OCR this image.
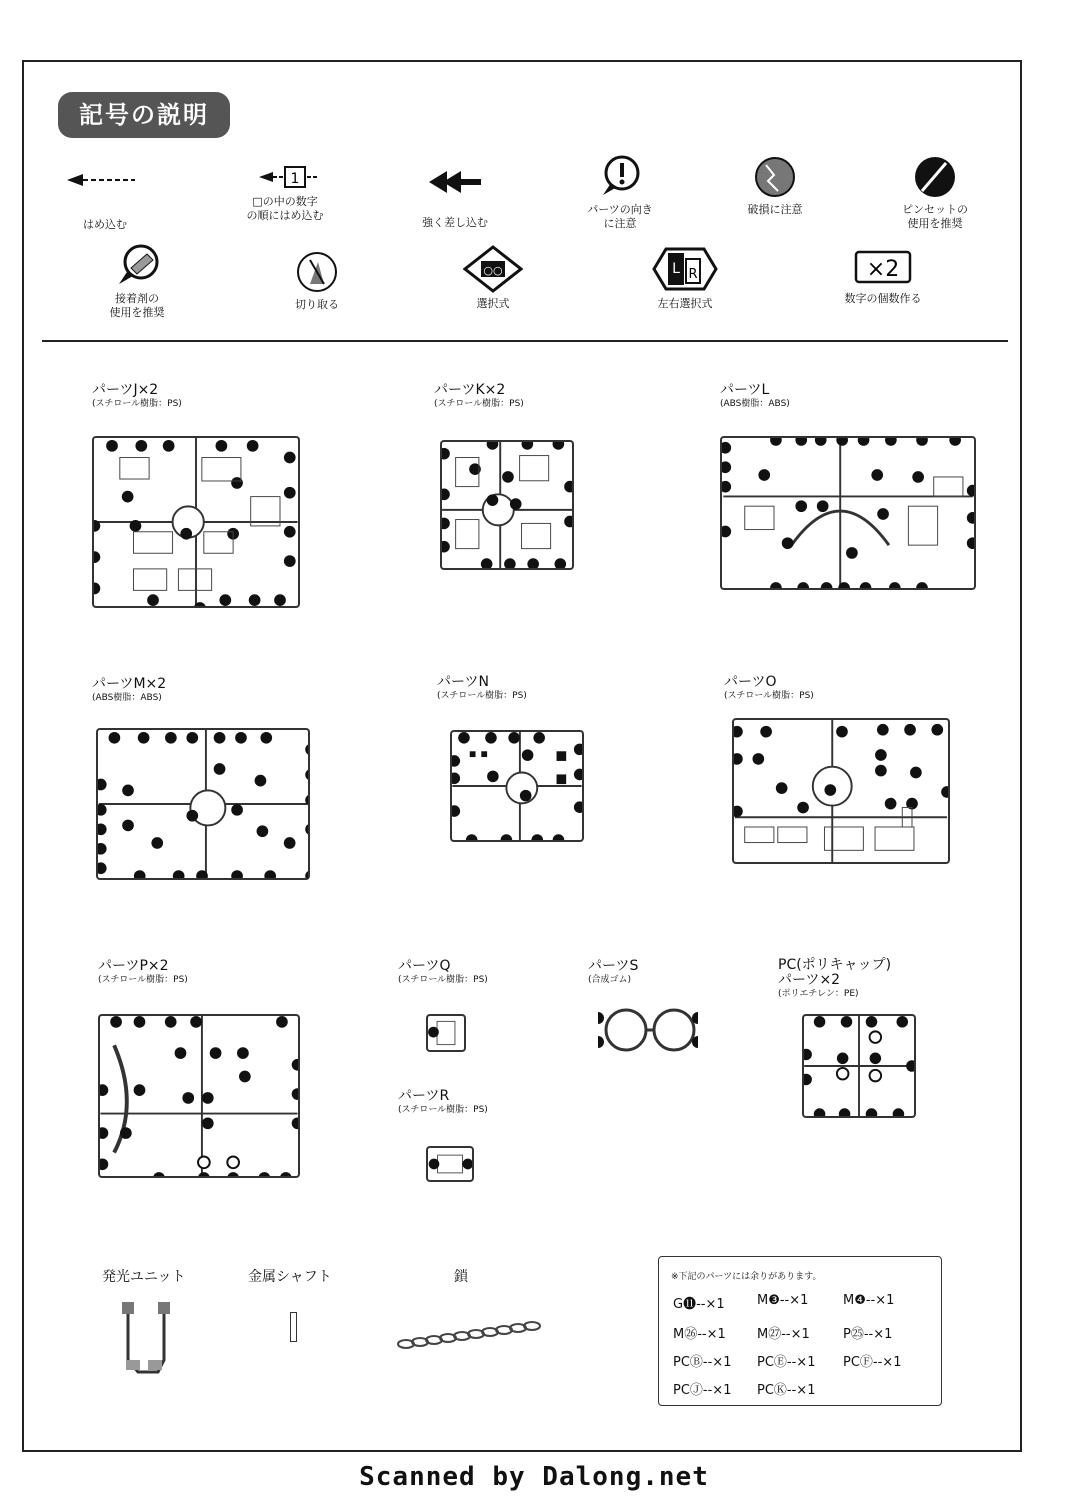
記号の説明
はめ込む
1
□の中の数字
の順にはめ込む
強く差し込む
パーツの向き
に注意
破損に注意	ピンセットの
使用を推奨
接着剤の
使用を推奨
切り取る
○○
選択式
L R
左右選択式
×2
数字の個数作る
パーツJ×2
(スチロール樹脂：PS)
パーツK×2
(スチロール樹脂：PS)
パーツL
(ABS樹脂：ABS)
パーツM×2
(ABS樹脂：ABS)
パーツN
(スチロール樹脂：PS)
パーツO
(スチロール樹脂：PS)
パーツP×2
(スチロール樹脂：PS)
パーツQ
(スチロール樹脂：PS)
パーツS
(合成ゴム)
PC(ポリキャップ)
パーツ×2
(ポリエチレン：PE)
パーツR
(スチロール樹脂：PS)
発光ユニット	金属シャフト	鎖	※下記のパーツには余りがあります。
G⓫--×1 M❸--×1	M❹--×1
M㉖--×1 M㉗--×1	P㉕--×1
PCⒷ--×1 PCⒺ--×1 PCⒻ--×1
PCⒿ--×1 PCⓀ--×1
Scanned by Dalong.net
